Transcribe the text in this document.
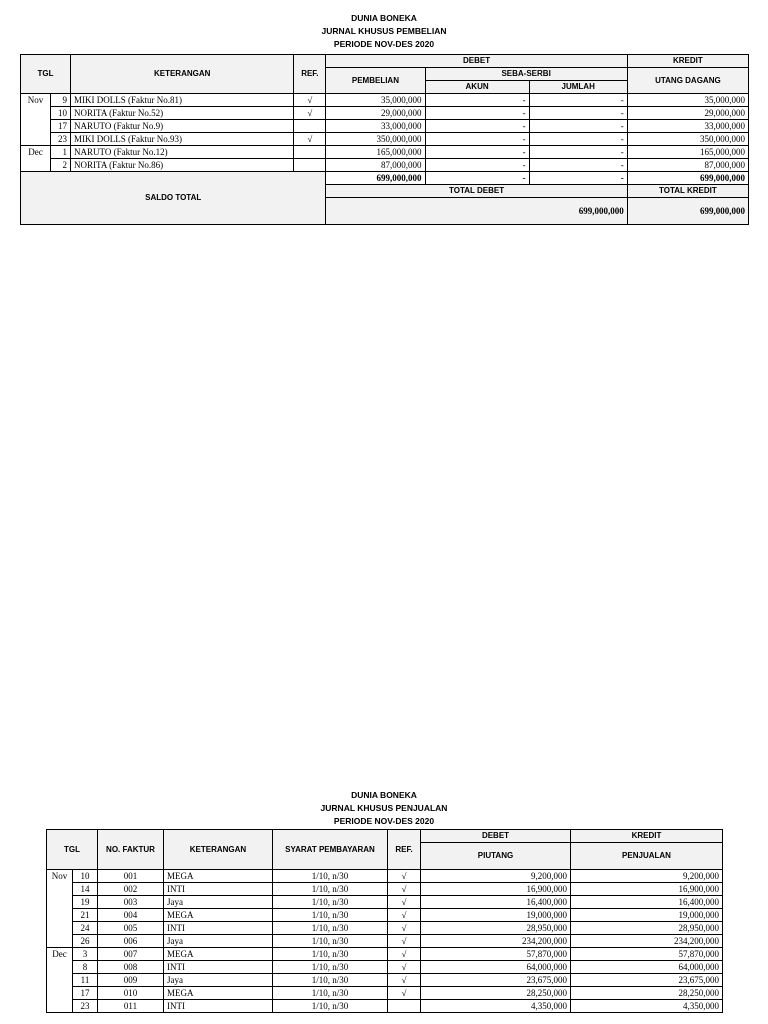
DUNIA BONEKA
JURNAL KHUSUS PEMBELIAN
PERIODE NOV-DES 2020
TGL		KETERANGAN	REF.	DEBET			KREDIT
				PEMBELIAN	SEBA-SERBI		UTANG DAGANG
					AKUN	JUMLAH	
Nov	9	MIKI DOLLS (Faktur No.81)	√	35,000,000	-	-	35,000,000
	10	NORITA (Faktur No.52)	√	29,000,000	-	-	29,000,000
	17	NARUTO (Faktur No.9)		33,000,000	-	-	33,000,000
	23	MIKI DOLLS (Faktur No.93)	√	350,000,000	-	-	350,000,000
Dec	1	NARUTO (Faktur No.12)		165,000,000	-	-	165,000,000
	2	NORITA (Faktur No.86)		87,000,000	-	-	87,000,000
SALDO TOTAL				699,000,000	-	-	699,000,000
				TOTAL DEBET			TOTAL KREDIT
				699,000,000			699,000,000
DUNIA BONEKA
JURNAL KHUSUS PENJUALAN
PERIODE NOV-DES 2020
TGL		NO. FAKTUR	KETERANGAN	SYARAT PEMBAYARAN	REF.	DEBET	KREDIT
						PIUTANG	PENJUALAN
Nov	10	001	MEGA	1/10, n/30	√	9,200,000	9,200,000
	14	002	INTI	1/10, n/30	√	16,900,000	16,900,000
	19	003	Jaya	1/10, n/30	√	16,400,000	16,400,000
	21	004	MEGA	1/10, n/30	√	19,000,000	19,000,000
	24	005	INTI	1/10, n/30	√	28,950,000	28,950,000
	26	006	Jaya	1/10, n/30	√	234,200,000	234,200,000
Dec	3	007	MEGA	1/10, n/30	√	57,870,000	57,870,000
	8	008	INTI	1/10, n/30	√	64,000,000	64,000,000
	11	009	Jaya	1/10, n/30	√	23,675,000	23,675,000
	17	010	MEGA	1/10, n/30	√	28,250,000	28,250,000
	23	011	INTI	1/10, n/30		4,350,000	4,350,000
